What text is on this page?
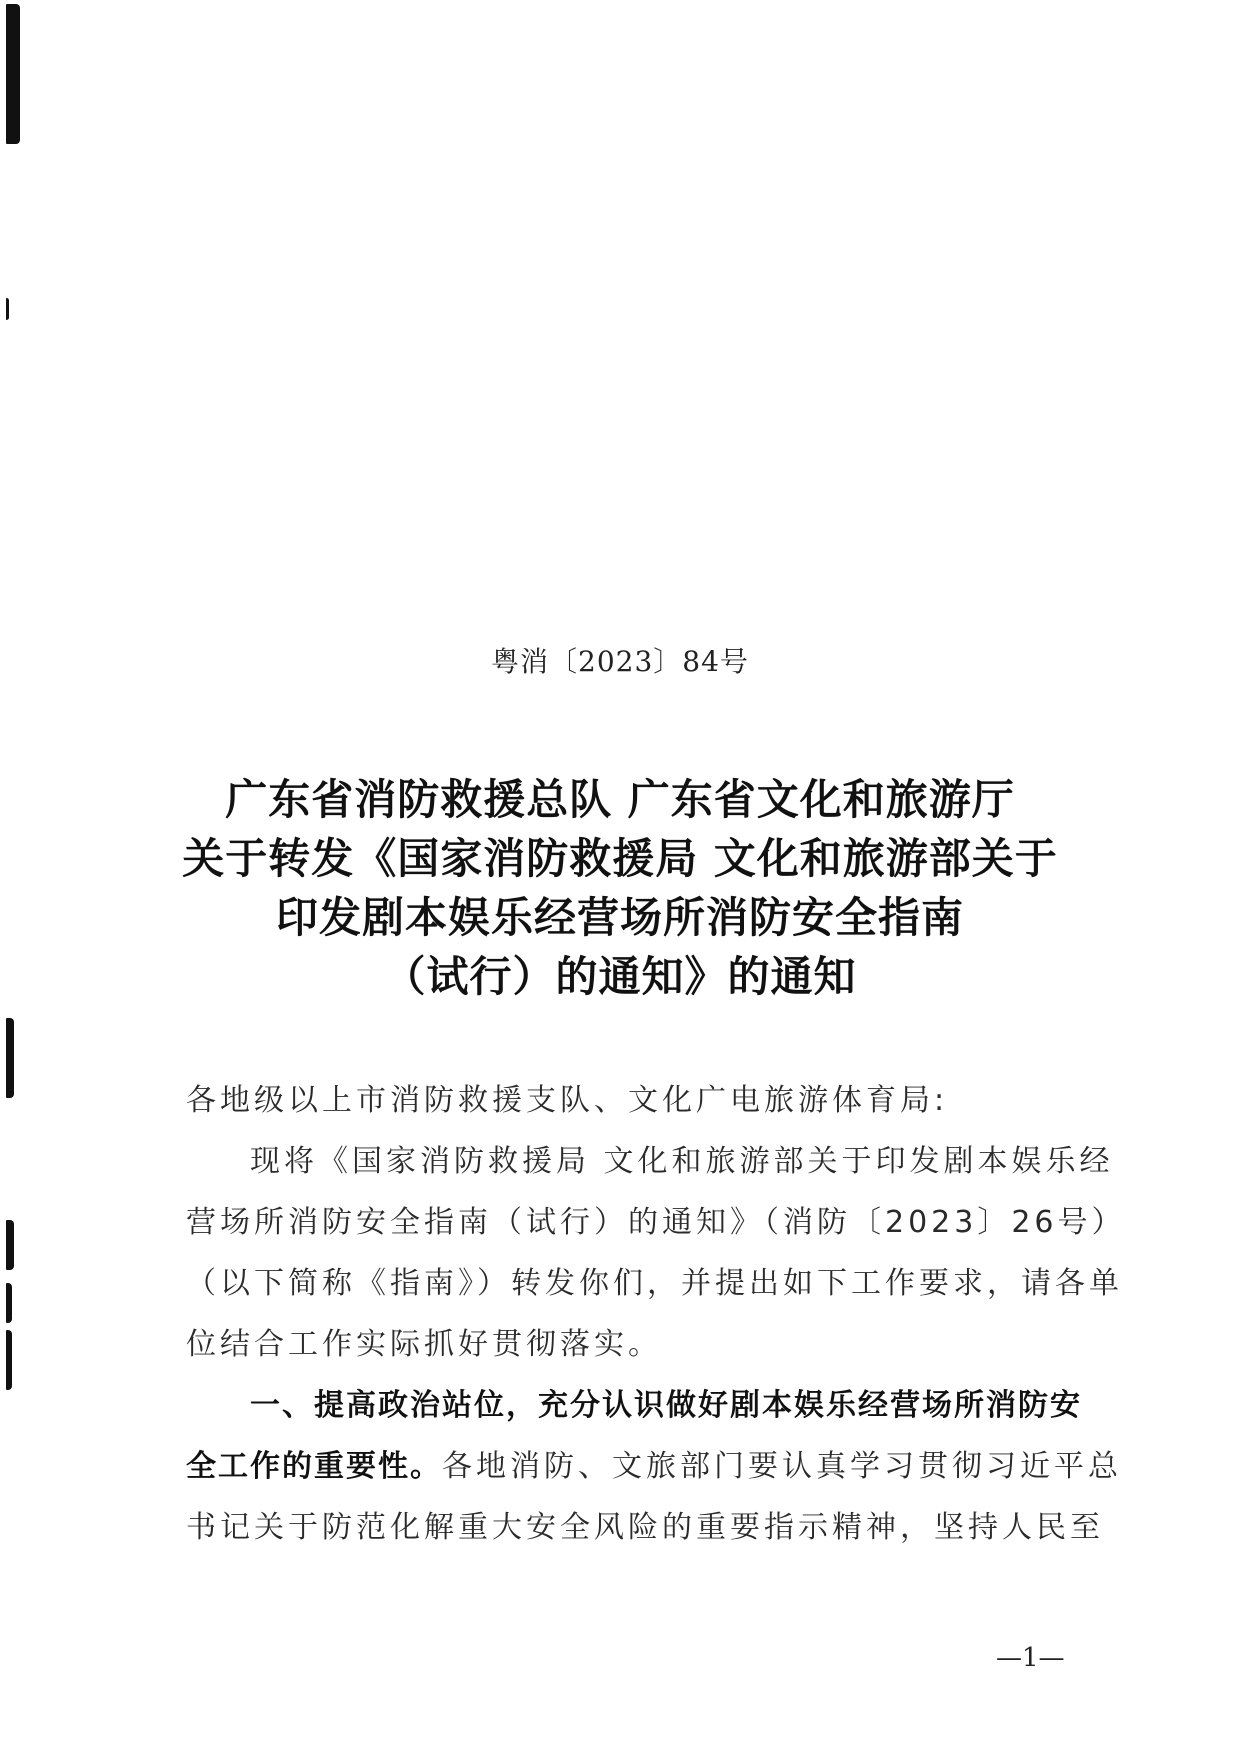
粤消〔2023〕84号
广东省消防救援总队 广东省文化和旅游厅
关于转发《国家消防救援局 文化和旅游部关于
印发剧本娱乐经营场所消防安全指南
（试行）的通知》的通知
各地级以上市消防救援支队、文化广电旅游体育局:
现将《国家消防救援局 文化和旅游部关于印发剧本娱乐经
营场所消防安全指南（试行）的通知》（消防〔2023〕26号）
（以下简称《指南》）转发你们，并提出如下工作要求，请各单
位结合工作实际抓好贯彻落实。
一、提高政治站位，充分认识做好剧本娱乐经营场所消防安
全工作的重要性。各地消防、文旅部门要认真学习贯彻习近平总
书记关于防范化解重大安全风险的重要指示精神，坚持人民至
—1—
